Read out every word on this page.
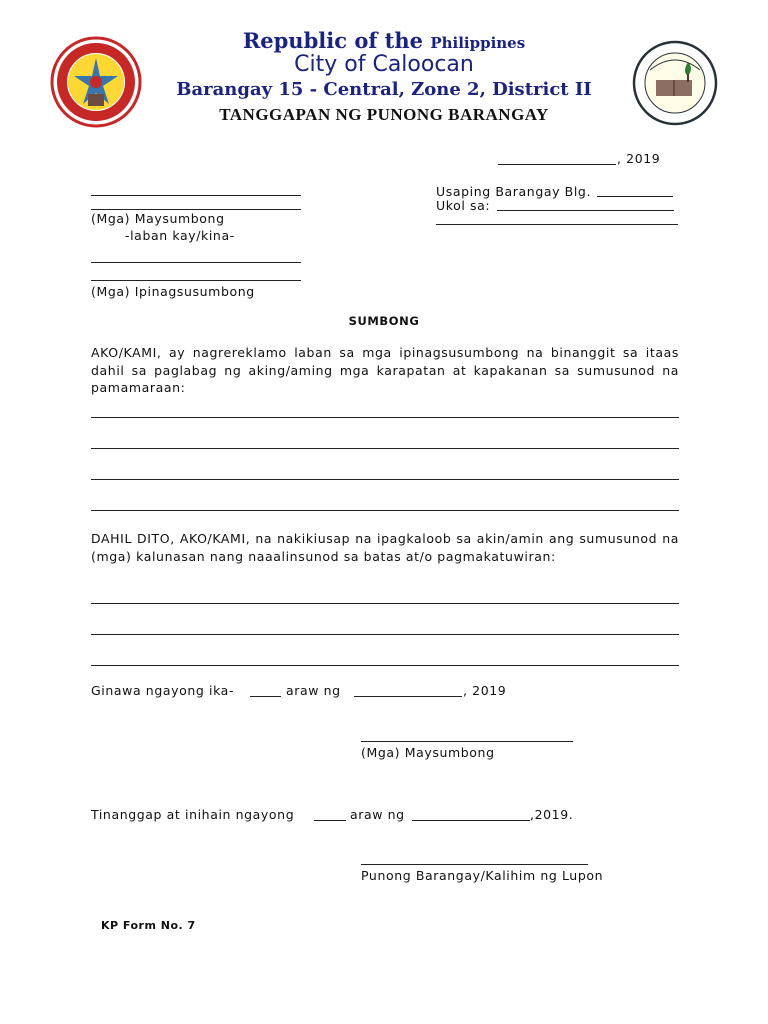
Republic of the Philippines
City of Caloocan
Barangay 15 - Central, Zone 2, District II
TANGGAPAN NG PUNONG BARANGAY
, 2019
(Mga) Maysumbong
-laban kay/kina-
Usaping Barangay Blg.
Ukol sa:
(Mga) Ipinagsusumbong
SUMBONG
AKO/KAMI, ay nagrereklamo laban sa mga ipinagsusumbong na binanggit sa itaas dahil sa paglabag ng aking/aming mga karapatan at kapakanan sa sumusunod na pamamaraan:
DAHIL DITO, AKO/KAMI, na nakikiusap na ipagkaloob sa akin/amin ang sumusunod na (mga) kalunasan nang naaalinsunod sa batas at/o pagmakatuwiran:
Ginawa ngayong ika-	araw ng	, 2019
(Mga) Maysumbong
Tinanggap at inihain ngayong	araw ng	,2019.
Punong Barangay/Kalihim ng Lupon
KP Form No. 7
